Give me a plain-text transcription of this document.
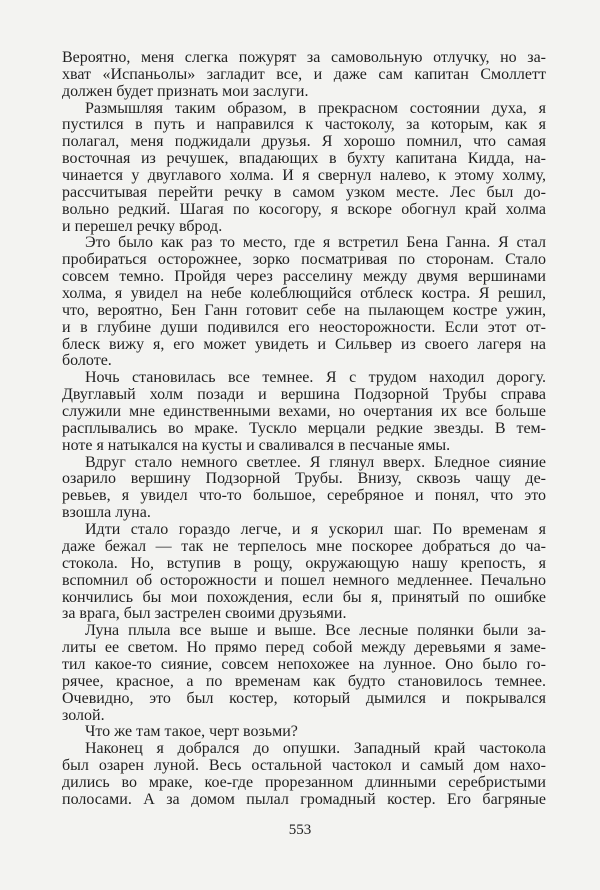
Вероятно, меня слегка пожурят за самовольную отлучку, но за-
хват «Испаньолы» загладит все, и даже сам капитан Смоллетт
должен будет признать мои заслуги.
Размышляя таким образом, в прекрасном состоянии духа, я
пустился в путь и направился к частоколу, за которым, как я
полагал, меня поджидали друзья. Я хорошо помнил, что самая
восточная из речушек, впадающих в бухту капитана Кидда, на-
чинается у двуглавого холма. И я свернул налево, к этому холму,
рассчитывая перейти речку в самом узком месте. Лес был до-
вольно редкий. Шагая по косогору, я вскоре обогнул край холма
и перешел речку вброд.
Это было как раз то место, где я встретил Бена Ганна. Я стал
пробираться осторожнее, зорко посматривая по сторонам. Стало
совсем темно. Пройдя через расселину между двумя вершинами
холма, я увидел на небе колеблющийся отблеск костра. Я решил,
что, вероятно, Бен Ганн готовит себе на пылающем костре ужин,
и в глубине души подивился его неосторожности. Если этот от-
блеск вижу я, его может увидеть и Сильвер из своего лагеря на
болоте.
Ночь становилась все темнее. Я с трудом находил дорогу.
Двуглавый холм позади и вершина Подзорной Трубы справа
служили мне единственными вехами, но очертания их все больше
расплывались во мраке. Тускло мерцали редкие звезды. В тем-
ноте я натыкался на кусты и сваливался в песчаные ямы.
Вдруг стало немного светлее. Я глянул вверх. Бледное сияние
озарило вершину Подзорной Трубы. Внизу, сквозь чащу де-
ревьев, я увидел что-то большое, серебряное и понял, что это
взошла луна.
Идти стало гораздо легче, и я ускорил шаг. По временам я
даже бежал — так не терпелось мне поскорее добраться до ча-
стокола. Но, вступив в рощу, окружающую нашу крепость, я
вспомнил об осторожности и пошел немного медленнее. Печально
кончились бы мои похождения, если бы я, принятый по ошибке
за врага, был застрелен своими друзьями.
Луна плыла все выше и выше. Все лесные полянки были за-
литы ее светом. Но прямо перед собой между деревьями я заме-
тил какое-то сияние, совсем непохожее на лунное. Оно было го-
рячее, красное, а по временам как будто становилось темнее.
Очевидно, это был костер, который дымился и покрывался
золой.
Что же там такое, черт возьми?
Наконец я добрался до опушки. Западный край частокола
был озарен луной. Весь остальной частокол и самый дом нахо-
дились во мраке, кое-где прорезанном длинными серебристыми
полосами. А за домом пылал громадный костер. Его багряные
553
